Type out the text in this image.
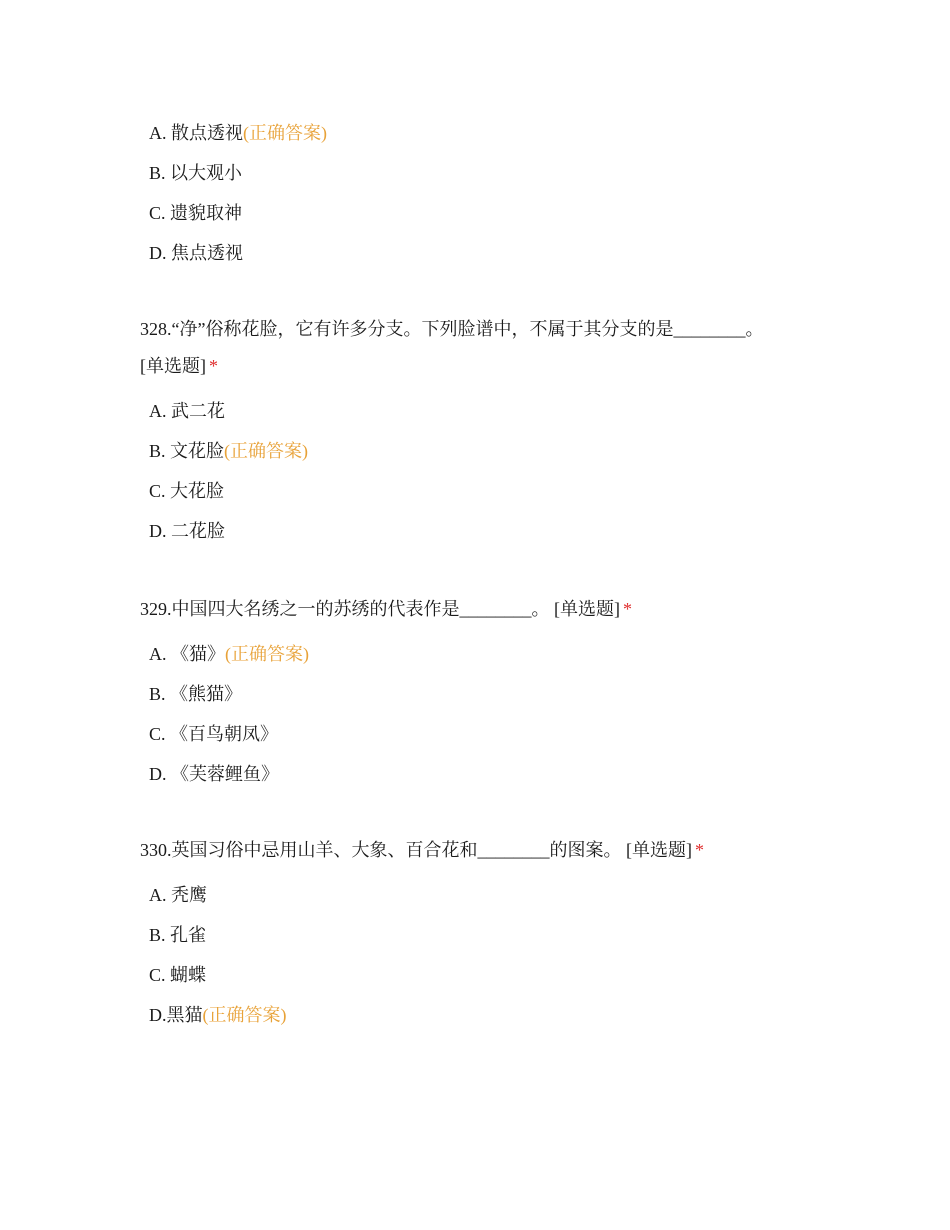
A. 散点透视(正确答案)
B. 以大观小
C. 遗貌取神
D. 焦点透视

328.“净”俗称花脸，它有许多分支。下列脸谱中，不属于其分支的是________。
[单选题] *

A. 武二花
B. 文花脸(正确答案)
C. 大花脸
D. 二花脸

329.中国四大名绣之一的苏绣的代表作是________。 [单选题] *

A. 《猫》(正确答案)
B. 《熊猫》
C. 《百鸟朝凤》
D. 《芙蓉鲤鱼》

330.英国习俗中忌用山羊、大象、百合花和________的图案。 [单选题] *

A. 秃鹰
B. 孔雀
C. 蝴蝶
D.黑猫(正确答案)
